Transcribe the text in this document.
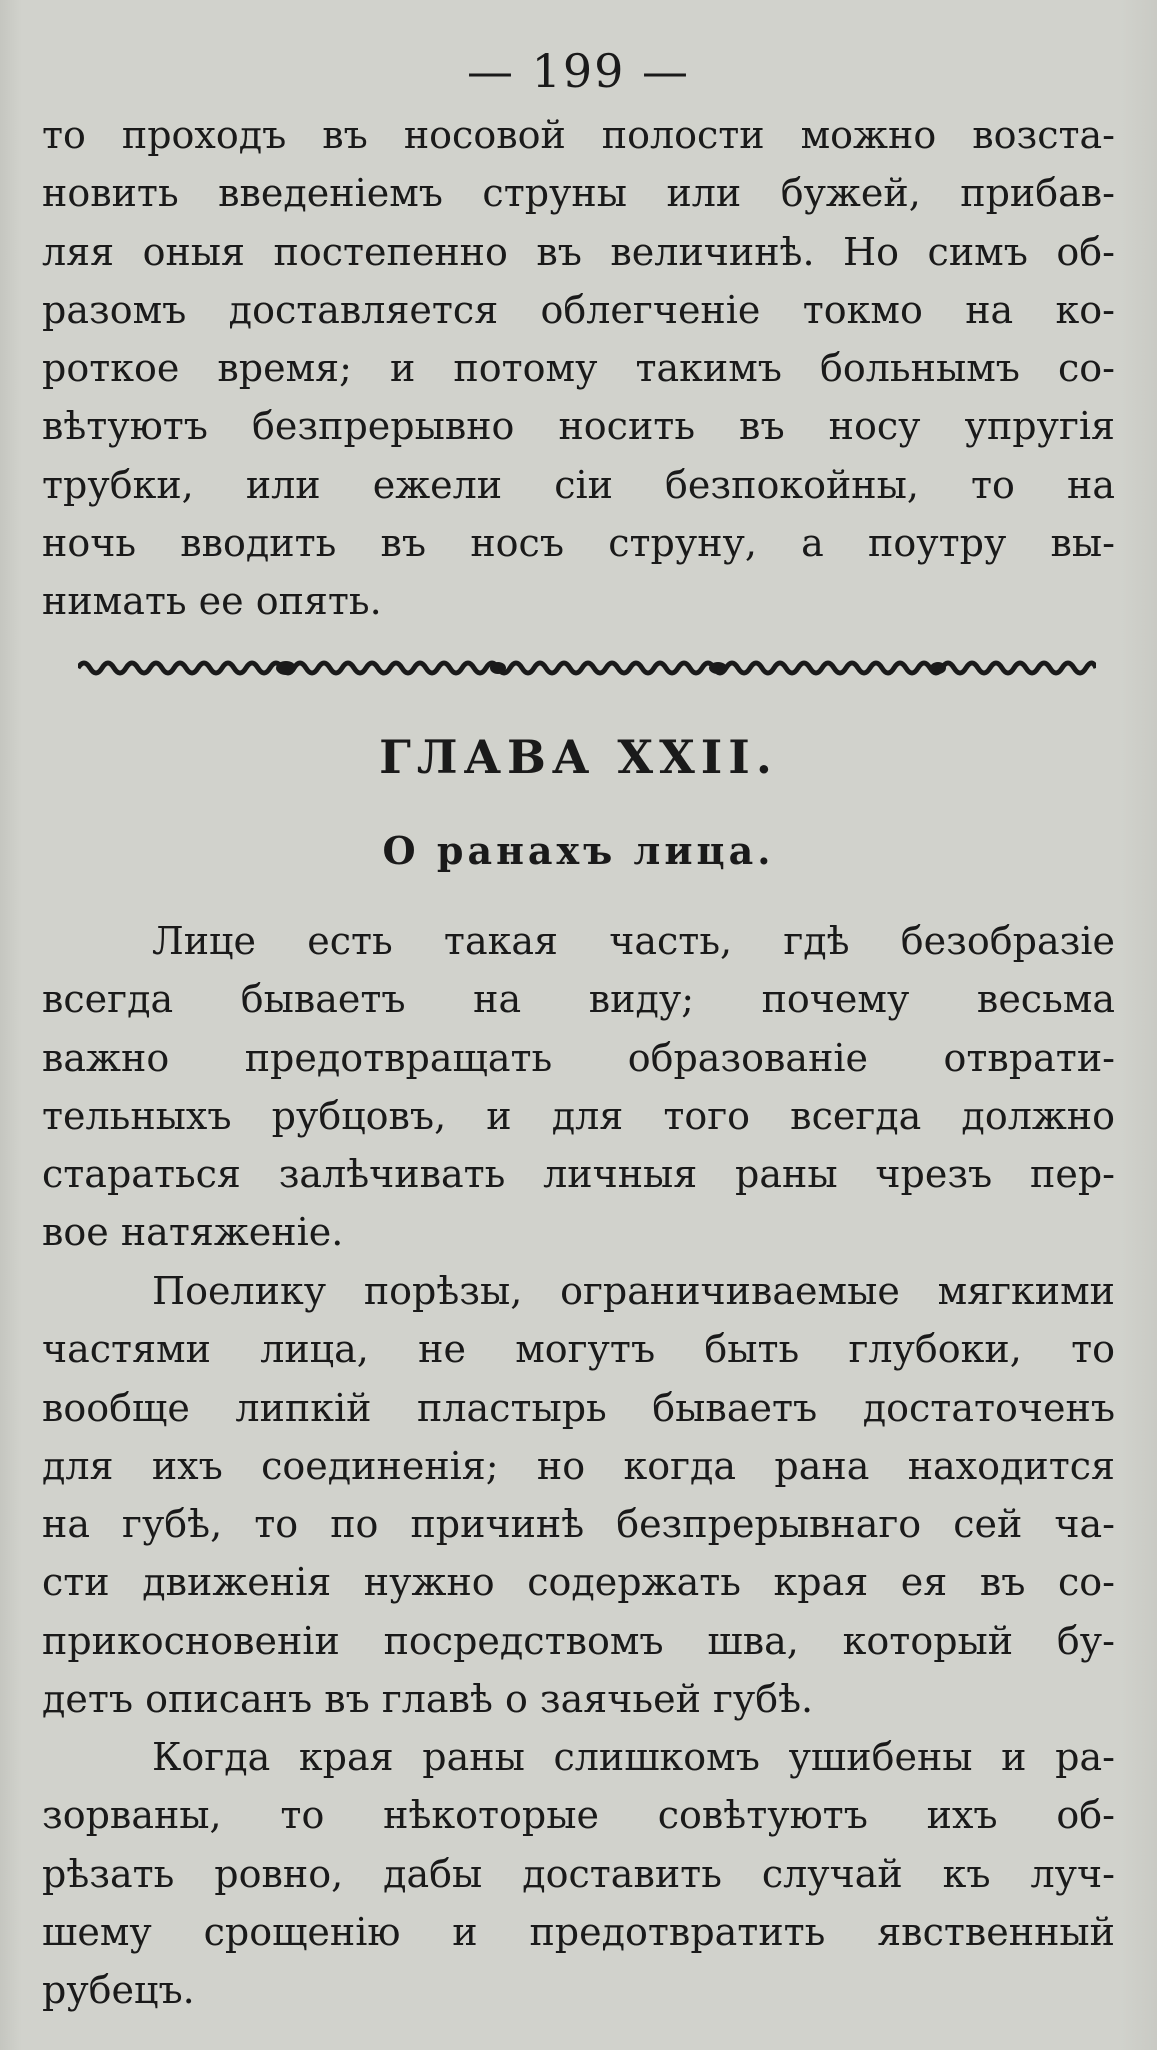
— 199 —

то проходъ въ носовой полости можно возста-
новить введеніемъ струны или бужей, прибав-
ляя оныя постепенно въ величинѣ. Но симъ об-
разомъ доставляется облегченіе токмо на ко-
роткое время; и потому такимъ больнымъ со-
вѣтуютъ безпрерывно носить въ носу упругія
трубки, или ежели сіи безпокойны, то на
ночь вводить въ носъ струну, а поутру вы-
нимать ее опять.
ГЛАВА XXII.
О ранахъ лица.
Лице есть такая часть, гдѣ безобразіе
всегда бываетъ на виду; почему весьма
важно предотвращать образованіе отврати-
тельныхъ рубцовъ, и для того всегда должно
стараться залѣчивать личныя раны чрезъ пер-
вое натяженіе.
Поелику порѣзы, ограничиваемые мягкими
частями лица, не могутъ быть глубоки, то
вообще липкій пластырь бываетъ достаточенъ
для ихъ соединенія; но когда рана находится
на губѣ, то по причинѣ безпрерывнаго сей ча-
сти движенія нужно содержать края ея въ со-
прикосновеніи посредствомъ шва, который бу-
детъ описанъ въ главѣ о заячьей губѣ.
Когда края раны слишкомъ ушибены и ра-
зорваны, то нѣкоторые совѣтуютъ ихъ об-
рѣзать ровно, дабы доставить случай къ луч-
шему срощенію и предотвратить явственный
рубецъ.
